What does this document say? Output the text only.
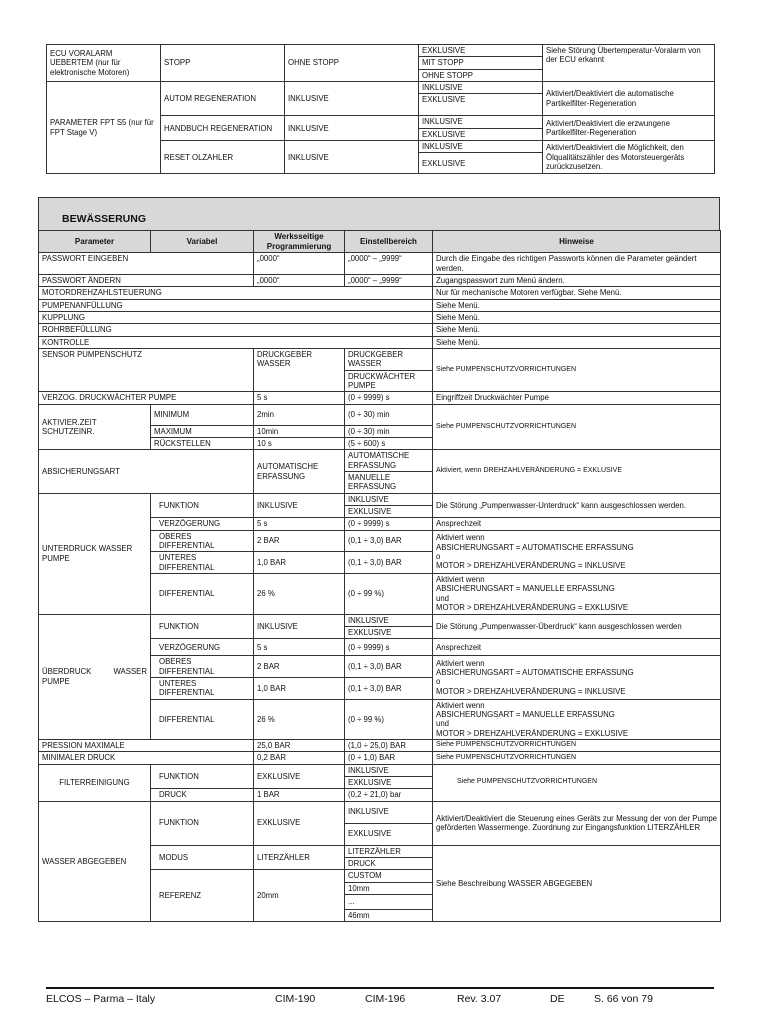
ECU VORALARM UEBERTEM (nur für elektronische Motoren)	STOPP	OHNE STOPP	EXKLUSIVE	Siehe Störung Übertemperatur-Voralarm von der ECU erkannt
			MIT STOPP	
			OHNE STOPP	
PARAMETER FPT S5 (nur für FPT Stage V)	AUTOM REGENERATION	INKLUSIVE	INKLUSIVE	Aktiviert/Deaktiviert die automatische Partikelfilter-Regeneration
			EXKLUSIVE	
	HANDBUCH REGENERATION	INKLUSIVE	INKLUSIVE	Aktiviert/Deaktiviert die erzwungene Partikelfilter-Regeneration
			EXKLUSIVE	
	RESET OLZAHLER	INKLUSIVE	INKLUSIVE	Aktiviert/Deaktiviert die Möglichkeit, den Ölqualitätszähler des Motorsteuergeräts zurückzusetzen.
			EXKLUSIVE	
BEWÄSSERUNG
Parameter	Variabel	Werksseitige Programmierung	Einstellbereich	Hinweise
PASSWORT EINGEBEN		„0000“	„0000“ – „9999“	Durch die Eingabe des richtigen Passworts können die Parameter geändert werden.
PASSWORT ÄNDERN		„0000“	„0000“ – „9999“	Zugangspasswort zum Menü ändern.
MOTORDREHZAHLSTEUERUNG				Nur für mechanische Motoren verfügbar. Siehe Menü.
PUMPENANFÜLLUNG				Siehe Menü.
KUPPLUNG				Siehe Menü.
ROHRBEFÜLLUNG				Siehe Menü.
KONTROLLE				Siehe Menü.
SENSOR PUMPENSCHUTZ		DRUCKGEBER WASSER	DRUCKGEBER WASSER	Siehe PUMPENSCHUTZVORRICHTUNGEN
			DRUCKWÄCHTER PUMPE	
VERZOG. DRUCKWÄCHTER PUMPE		5 s	(0 ÷ 9999) s	Eingriffzeit Druckwächter Pumpe
AKTIVIER.ZEIT SCHUTZEINR.	MINIMUM	2min	(0 ÷ 30) min	Siehe PUMPENSCHUTZVORRICHTUNGEN
	MAXIMUM	10min	(0 ÷ 30) min	
	RÜCKSTELLEN	10 s	(5 ÷ 600) s	
ABSICHERUNGSART		AUTOMATISCHE ERFASSUNG	AUTOMATISCHE ERFASSUNG	Aktiviert, wenn DREHZAHLVERÄNDERUNG = EXKLUSIVE
			MANUELLE ERFASSUNG	
UNTERDRUCK WASSER PUMPE	FUNKTION	INKLUSIVE	INKLUSIVE	Die Störung „Pumpenwasser-Unterdruck“ kann ausgeschlossen werden.
			EXKLUSIVE	
	VERZÖGERUNG	5 s	(0 ÷ 9999) s	Ansprechzeit
	OBERES DIFFERENTIAL	2 BAR	(0,1 ÷ 3,0) BAR	Aktiviert wenn
ABSICHERUNGSART = AUTOMATISCHE ERFASSUNG
o
MOTOR > DREHZAHLVERÄNDERUNG = INKLUSIVE

	UNTERES DIFFERENTIAL	1,0 BAR	(0,1 ÷ 3,0) BAR	
	DIFFERENTIAL	26 %	(0 ÷ 99 %)	Aktiviert wenn
ABSICHERUNGSART = MANUELLE ERFASSUNG
und
MOTOR > DREHZAHLVERÄNDERUNG = EXKLUSIVE

ÜBERDRUCK WASSER PUMPE	FUNKTION	INKLUSIVE	INKLUSIVE	Die Störung „Pumpenwasser-Überdruck“ kann ausgeschlossen werden
			EXKLUSIVE	
	VERZÖGERUNG	5 s	(0 ÷ 9999) s	Ansprechzeit
	OBERES DIFFERENTIAL	2 BAR	(0,1 ÷ 3,0) BAR	Aktiviert wenn
ABSICHERUNGSART = AUTOMATISCHE ERFASSUNG
o
MOTOR > DREHZAHLVERÄNDERUNG = INKLUSIVE

	UNTERES DIFFERENTIAL	1,0 BAR	(0,1 ÷ 3,0) BAR	
	DIFFERENTIAL	26 %	(0 ÷ 99 %)	Aktiviert wenn
ABSICHERUNGSART = MANUELLE ERFASSUNG
und
MOTOR > DREHZAHLVERÄNDERUNG = EXKLUSIVE

PRESSION MAXIMALE		25,0 BAR	(1,0 ÷ 25,0) BAR	Siehe PUMPENSCHUTZVORRICHTUNGEN
MINIMALER DRUCK		0,2 BAR	(0 ÷ 1,0) BAR	Siehe PUMPENSCHUTZVORRICHTUNGEN
FILTERREINIGUNG	FUNKTION	EXKLUSIVE	INKLUSIVE	Siehe PUMPENSCHUTZVORRICHTUNGEN
			EXKLUSIVE	
	DRUCK	1 BAR	(0,2 ÷ 21,0) bar	
WASSER ABGEGEBEN	FUNKTION	EXKLUSIVE	INKLUSIVE	Aktiviert/Deaktiviert die Steuerung eines Geräts zur Messung der von der Pumpe geförderten Wassermenge. Zuordnung zur Eingangsfunktion LITERZÄHLER
			EXKLUSIVE	
	MODUS	LITERZÄHLER	LITERZÄHLER	Siehe Beschreibung WASSER ABGEGEBEN
			DRUCK	
	REFERENZ	20mm	CUSTOM	
			10mm	
			...	
			46mm	
ELCOS – Parma – Italy	CIM-190	CIM-196	Rev. 3.07	DE	S. 66 von 79
